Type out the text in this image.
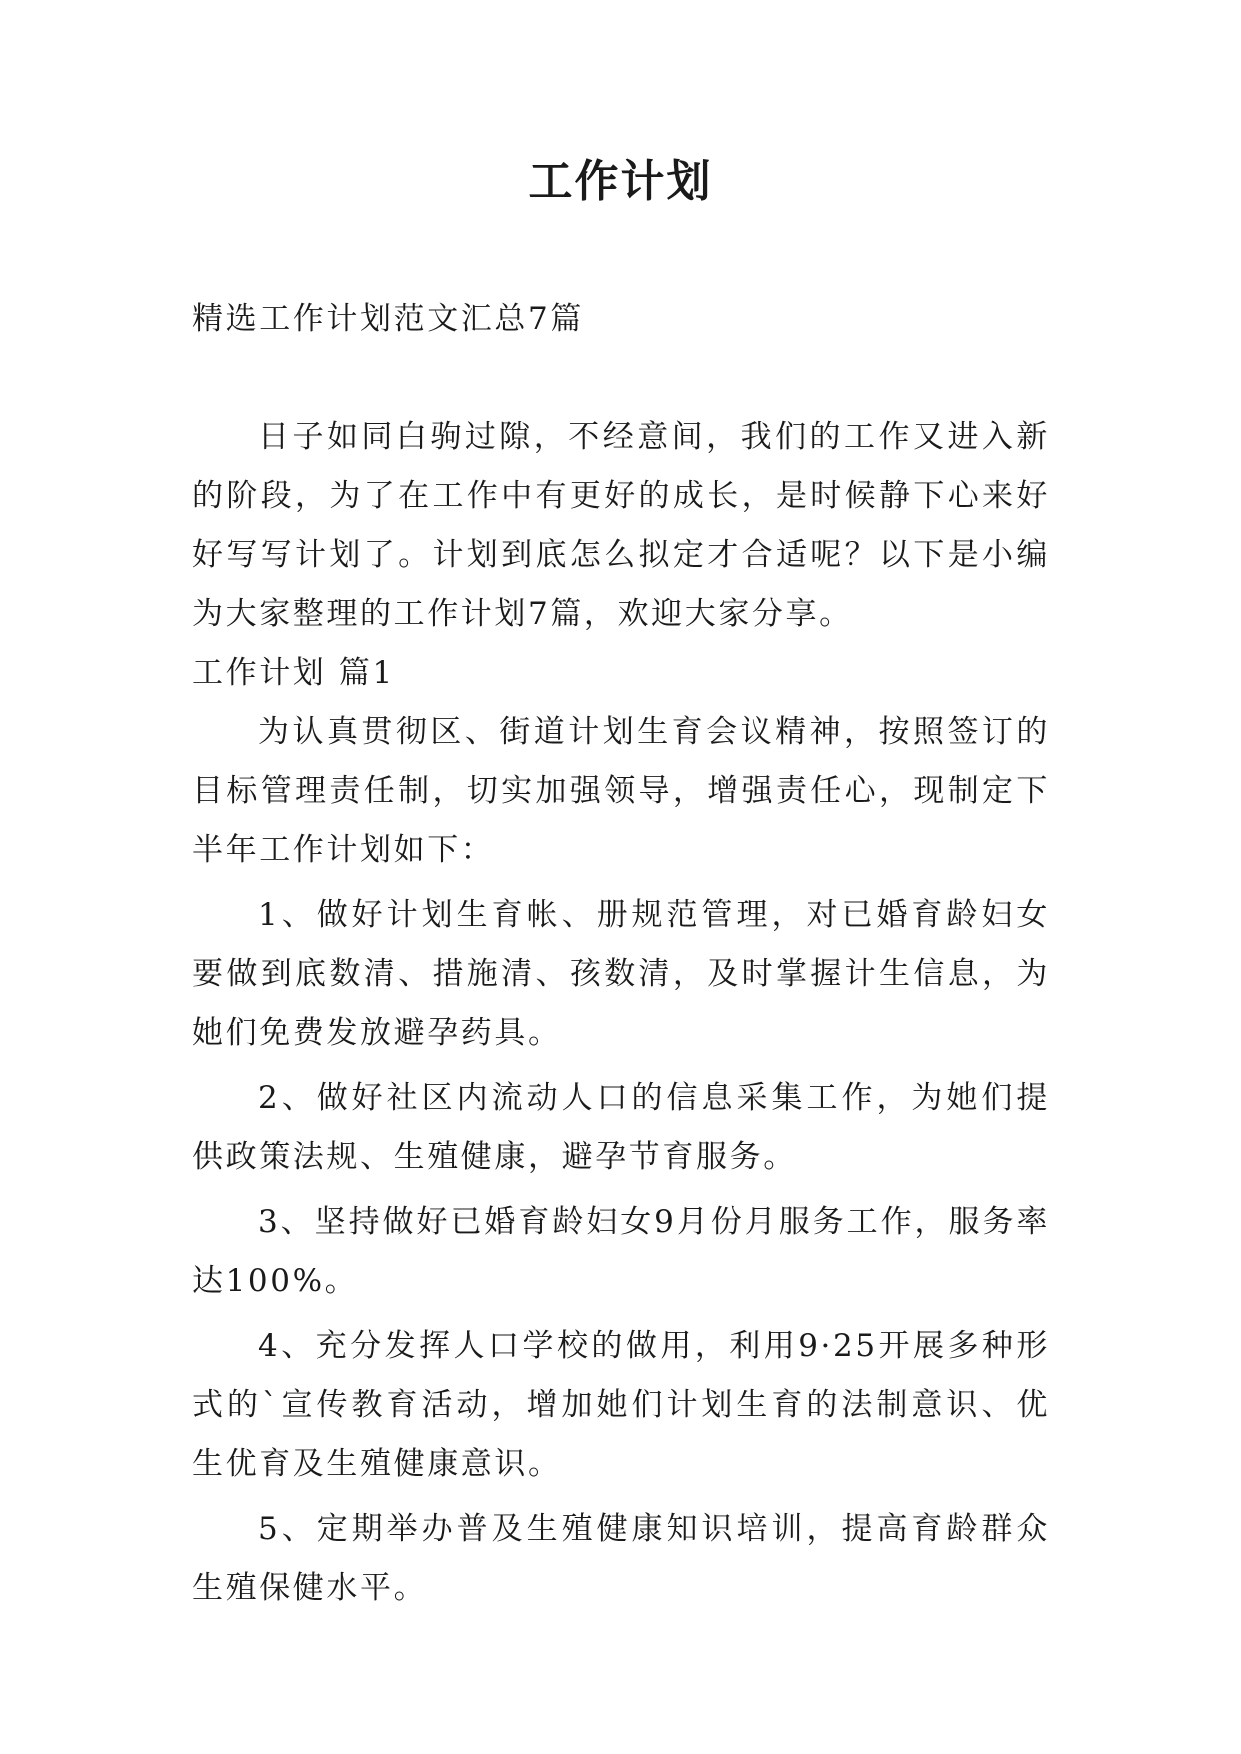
工作计划

精选工作计划范文汇总7篇

日子如同白驹过隙，不经意间，我们的工作又进入新的阶段，为了在工作中有更好的成长，是时候静下心来好好写写计划了。计划到底怎么拟定才合适呢？以下是小编为大家整理的工作计划7篇，欢迎大家分享。

工作计划 篇1

为认真贯彻区、街道计划生育会议精神，按照签订的目标管理责任制，切实加强领导，增强责任心，现制定下半年工作计划如下：

1、做好计划生育帐、册规范管理，对已婚育龄妇女要做到底数清、措施清、孩数清，及时掌握计生信息，为她们免费发放避孕药具。

2、做好社区内流动人口的信息采集工作，为她们提供政策法规、生殖健康，避孕节育服务。

3、坚持做好已婚育龄妇女9月份月服务工作，服务率达100%。

4、充分发挥人口学校的做用，利用9·25开展多种形式的`宣传教育活动，增加她们计划生育的法制意识、优生优育及生殖健康意识。

5、定期举办普及生殖健康知识培训，提高育龄群众生殖保健水平。
